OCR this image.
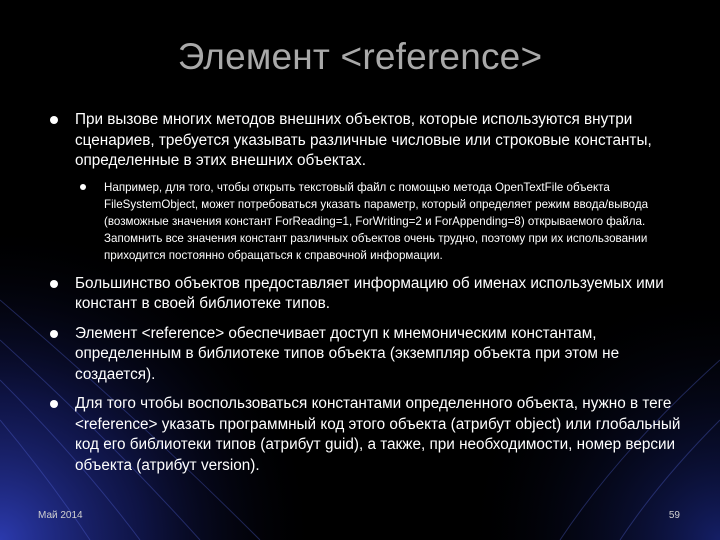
Элемент <reference>
При вызове многих методов внешних объектов, которые используются внутри сценариев, требуется указывать различные числовые или строковые константы, определенные в этих внешних объектах.
Например, для того, чтобы открыть текстовый файл с помощью метода OpenTextFile объекта FileSystemObject, может потребоваться указать параметр, который определяет режим ввода/вывода (возможные значения констант ForReading=1, ForWriting=2 и ForAppending=8) открываемого файла. Запомнить все значения констант различных объектов очень трудно, поэтому при их использовании приходится постоянно обращаться к справочной информации.
Большинство объектов предоставляет информацию об именах используемых ими констант в своей библиотеке типов.
Элемент <reference> обеспечивает доступ к мнемоническим константам, определенным в библиотеке типов объекта (экземпляр объекта при этом не создается).
Для того чтобы воспользоваться константами определенного объекта, нужно в теге <reference> указать программный код этого объекта (атрибут object) или глобальный код его библиотеки типов (атрибут guid), а также, при необходимости, номер версии объекта (атрибут version).
Май 2014	59
